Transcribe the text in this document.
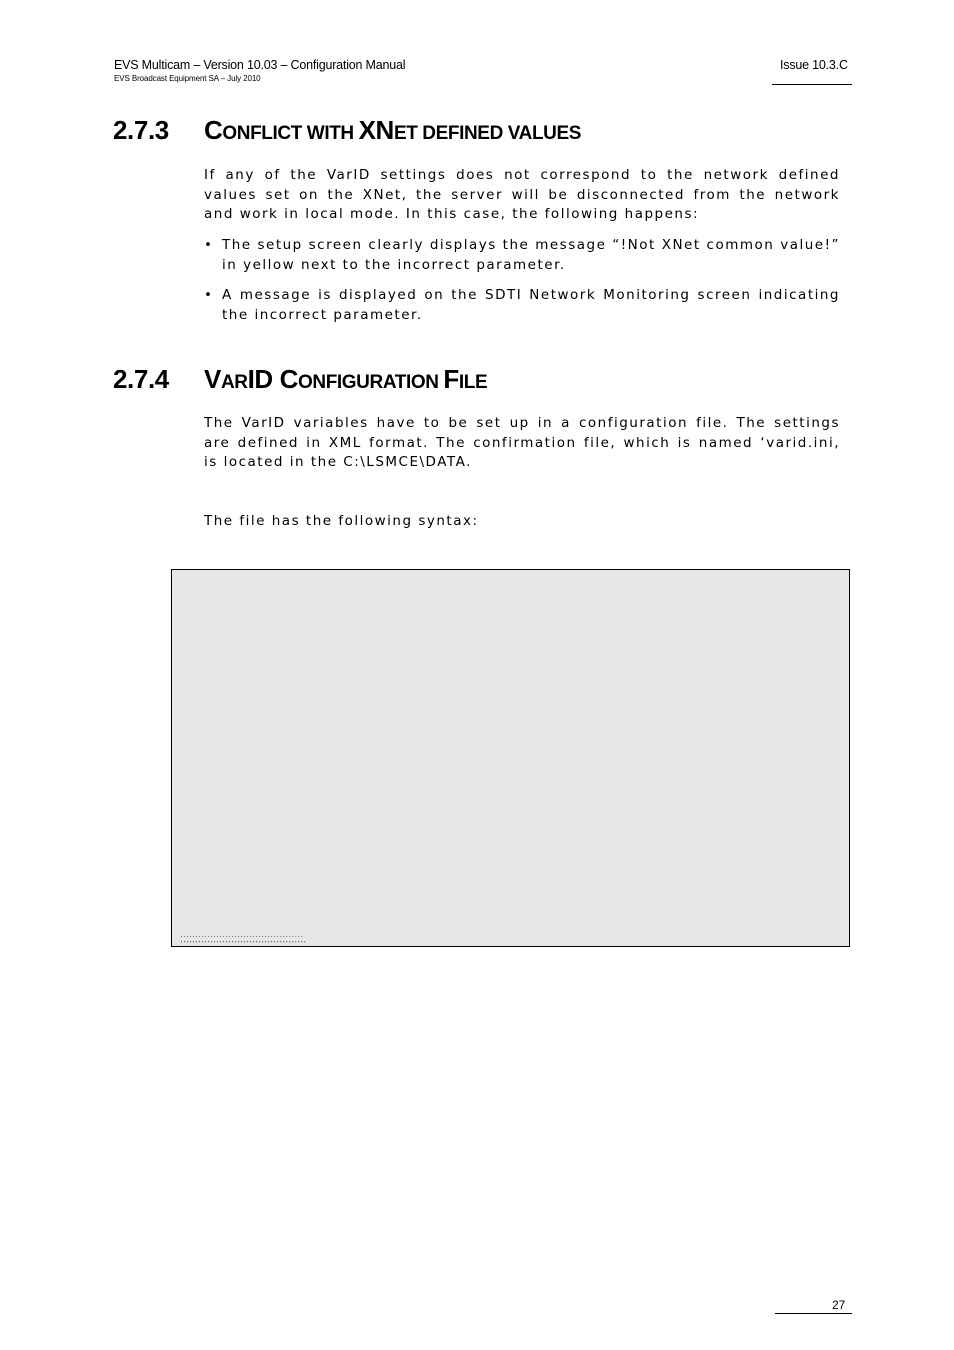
EVS Multicam – Version 10.03 – Configuration Manual
EVS Broadcast Equipment SA – July 2010
Issue 10.3.C
2.7.3 CONFLICT WITH XNET DEFINED VALUES
If any of the VarID settings does not correspond to the network defined values set on the XNet, the server will be disconnected from the network and work in local mode. In this case, the following happens:
• The setup screen clearly displays the message “!Not XNet common value!” in yellow next to the incorrect parameter.
• A message is displayed on the SDTI Network Monitoring screen indicating the incorrect parameter.
2.7.4 VARID CONFIGURATION FILE
The VarID variables have to be set up in a configuration file. The settings are defined in XML format. The confirmation file, which is named ‘varid.ini, is located in the C:\LSMCE\DATA.
The file has the following syntax:
.........................................
,,,,,,,,,,,,,,,,,,,,,,,,,,,,,,,,,,,,,,,,,,
27
